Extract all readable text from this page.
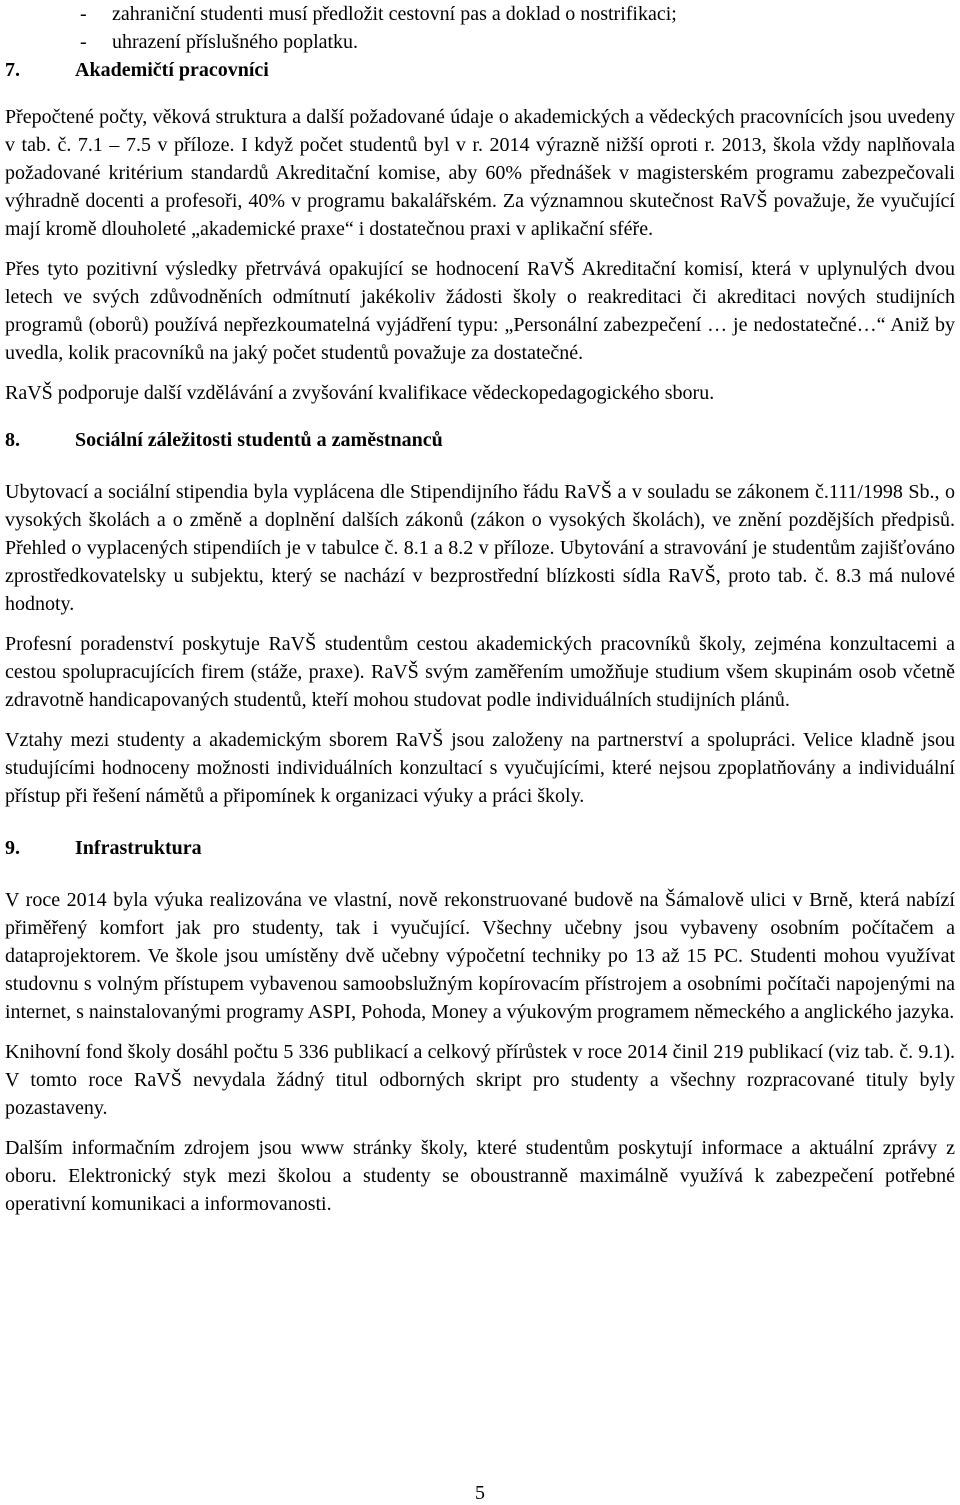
- zahraniční studenti musí předložit cestovní pas a doklad o nostrifikaci;
- uhrazení příslušného poplatku.
7.	Akademičtí pracovníci

Přepočtené počty, věková struktura a další požadované údaje o akademických a vědeckých pracovnících jsou uvedeny v tab. č. 7.1 – 7.5 v příloze. I když počet studentů byl v r. 2014 výrazně nižší oproti r. 2013, škola vždy naplňovala požadované kritérium standardů Akreditační komise, aby 60% přednášek v magisterském programu zabezpečovali výhradně docenti a profesoři, 40% v programu bakalářském. Za významnou skutečnost RaVŠ považuje, že vyučující mají kromě dlouholeté „akademické praxe“ i dostatečnou praxi v aplikační sféře.

Přes tyto pozitivní výsledky přetrvává opakující se hodnocení RaVŠ Akreditační komisí, která v uplynulých dvou letech ve svých zdůvodněních odmítnutí jakékoliv žádosti školy o reakreditaci či akreditaci nových studijních programů (oborů) používá nepřezkoumatelná vyjádření typu: „Personální zabezpečení … je nedostatečné…“ Aniž by uvedla, kolik pracovníků na jaký počet studentů považuje za dostatečné.

RaVŠ podporuje další vzdělávání a zvyšování kvalifikace vědeckopedagogického sboru.

8.	Sociální záležitosti studentů a zaměstnanců

Ubytovací a sociální stipendia byla vyplácena dle Stipendijního řádu RaVŠ a v souladu se zákonem č.111/1998 Sb., o vysokých školách a o změně a doplnění dalších zákonů (zákon o vysokých školách), ve znění pozdějších předpisů. Přehled o vyplacených stipendiích je v tabulce č. 8.1 a 8.2 v příloze. Ubytování a stravování je studentům zajišťováno zprostředkovatelsky u subjektu, který se nachází v bezprostřední blízkosti sídla RaVŠ, proto tab. č. 8.3 má nulové hodnoty.

Profesní poradenství poskytuje RaVŠ studentům cestou akademických pracovníků školy, zejména konzultacemi a cestou spolupracujících firem (stáže, praxe). RaVŠ svým zaměřením umožňuje studium všem skupinám osob včetně zdravotně handicapovaných studentů, kteří mohou studovat podle individuálních studijních plánů.

Vztahy mezi studenty a akademickým sborem RaVŠ jsou založeny na partnerství a spolupráci. Velice kladně jsou studujícími hodnoceny možnosti individuálních konzultací s vyučujícími, které nejsou zpoplatňovány a individuální přístup při řešení námětů a připomínek k organizaci výuky a práci školy.

9.	Infrastruktura

V roce 2014 byla výuka realizována ve vlastní, nově rekonstruované budově na Šámalově ulici v Brně, která nabízí přiměřený komfort jak pro studenty, tak i vyučující. Všechny učebny jsou vybaveny osobním počítačem a dataprojektorem. Ve škole jsou umístěny dvě učebny výpočetní techniky po 13 až 15 PC. Studenti mohou využívat studovnu s volným přístupem vybavenou samoobslužným kopírovacím přístrojem a osobními počítači napojenými na internet, s nainstalovanými programy ASPI, Pohoda, Money a výukovým programem německého a anglického jazyka.

Knihovní fond školy dosáhl počtu 5 336 publikací a celkový přírůstek v roce 2014 činil 219 publikací (viz tab. č. 9.1). V tomto roce RaVŠ nevydala žádný titul odborných skript pro studenty a všechny rozpracované tituly byly pozastaveny.

Dalším informačním zdrojem jsou www stránky školy, které studentům poskytují informace a aktuální zprávy z oboru. Elektronický styk mezi školou a studenty se oboustranně maximálně využívá k zabezpečení potřebné operativní komunikaci a informovanosti.

5
